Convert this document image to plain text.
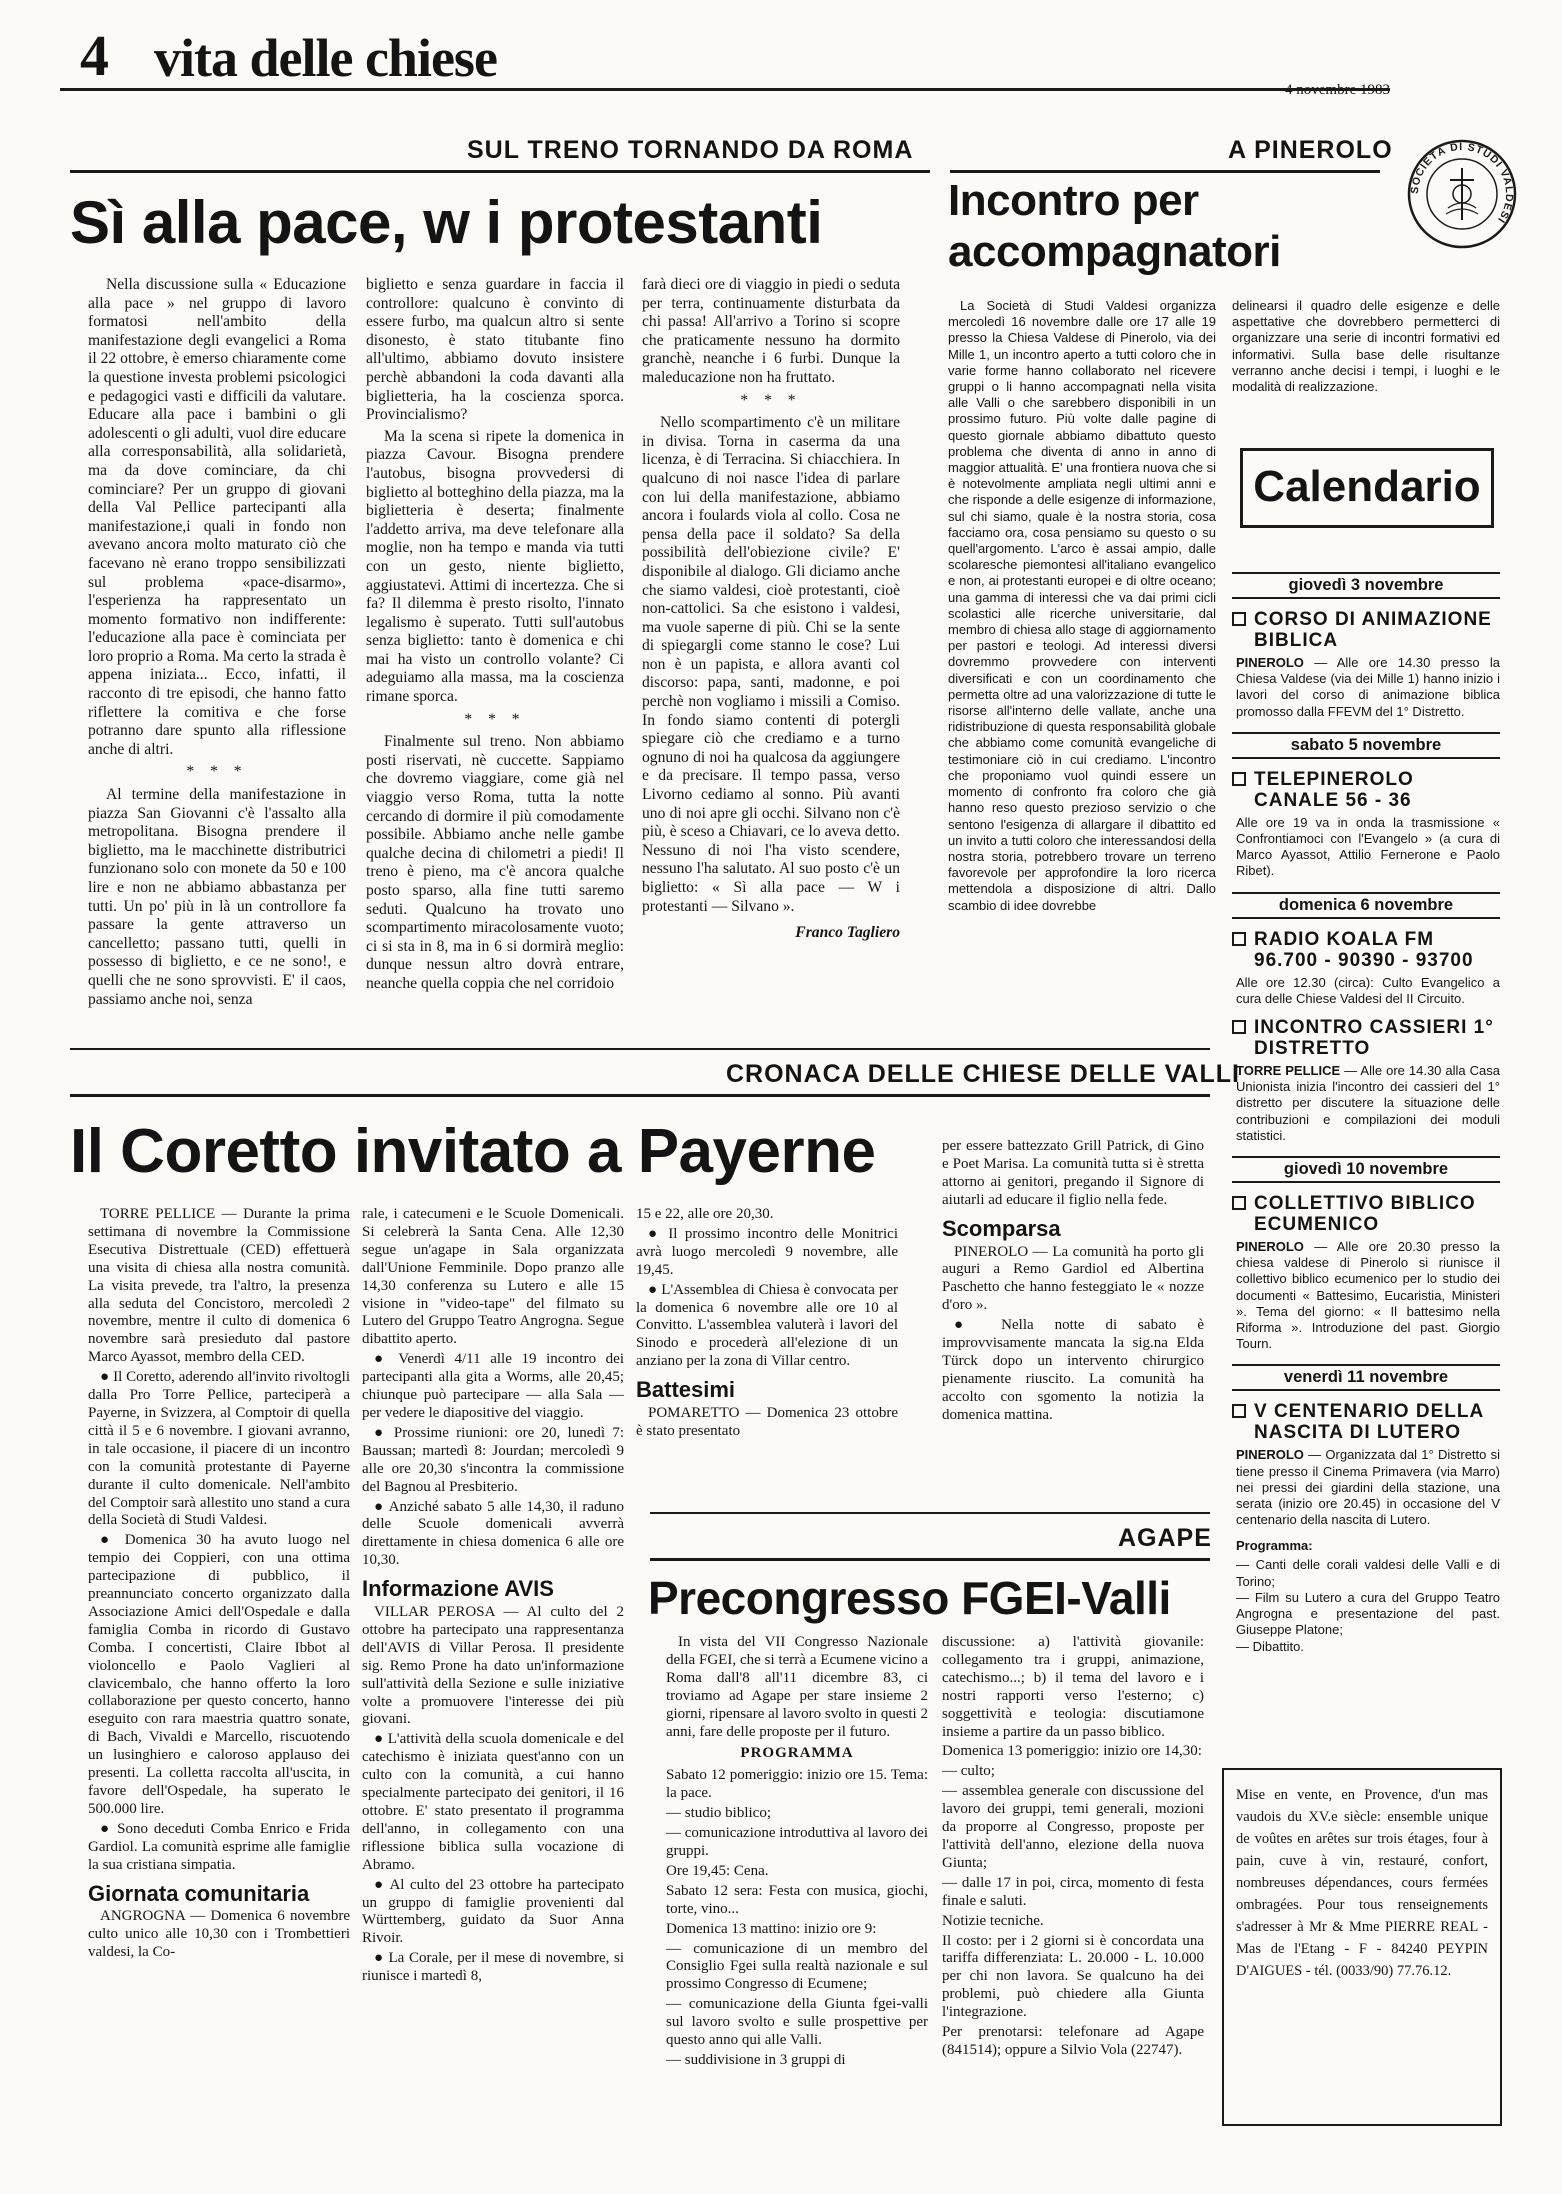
4 vita delle chiese
SUL TRENO TORNANDO DA ROMA
Sì alla pace, w i protestanti

Nella discussione sulla « Educazione alla pace » nel gruppo di lavoro formatosi nell'ambito della manifestazione degli evangelici a Roma il 22 ottobre, è emerso chiaramente come la questione investa problemi psicologici e pedagogici vasti e difficili da valutare. Educare alla pace i bambini o gli adolescenti o gli adulti, vuol dire educare alla corresponsabilità, alla solidarietà, ma da dove cominciare, da chi cominciare? Per un gruppo di giovani della Val Pellice partecipanti alla manifestazione,i quali in fondo non avevano ancora molto maturato ciò che facevano nè erano troppo sensibilizzati sul problema «pace-disarmo», l'esperienza ha rappresentato un momento formativo non indifferente: l'educazione alla pace è cominciata per loro proprio a Roma. Ma certo la strada è appena iniziata... Ecco, infatti, il racconto di tre episodi, che hanno fatto riflettere la comitiva e che forse potranno dare spunto alla riflessione anche di altri.

* * *

Al termine della manifestazione in piazza San Giovanni c'è l'assalto alla metropolitana. Bisogna prendere il biglietto, ma le macchinette distributrici funzionano solo con monete da 50 e 100 lire e non ne abbiamo abbastanza per tutti. Un po' più in là un controllore fa passare la gente attraverso un cancelletto; passano tutti, quelli in possesso di biglietto, e ce ne sono!, e quelli che ne sono sprovvisti. E' il caos, passiamo anche noi, senza

biglietto e senza guardare in faccia il controllore: qualcuno è convinto di essere furbo, ma qualcun altro si sente disonesto, è stato titubante fino all'ultimo, abbiamo dovuto insistere perchè abbandoni la coda davanti alla biglietteria, ha la coscienza sporca. Provincialismo?

Ma la scena si ripete la domenica in piazza Cavour. Bisogna prendere l'autobus, bisogna provvedersi di biglietto al botteghino della piazza, ma la biglietteria è deserta; finalmente l'addetto arriva, ma deve telefonare alla moglie, non ha tempo e manda via tutti con un gesto, niente biglietto, aggiustatevi. Attimi di incertezza. Che si fa? Il dilemma è presto risolto, l'innato legalismo è superato. Tutti sull'autobus senza biglietto: tanto è domenica e chi mai ha visto un controllo volante? Ci adeguiamo alla massa, ma la coscienza rimane sporca.

* * *

Finalmente sul treno. Non abbiamo posti riservati, nè cuccette. Sappiamo che dovremo viaggiare, come già nel viaggio verso Roma, tutta la notte cercando di dormire il più comodamente possibile. Abbiamo anche nelle gambe qualche decina di chilometri a piedi! Il treno è pieno, ma c'è ancora qualche posto sparso, alla fine tutti saremo seduti. Qualcuno ha trovato uno scompartimento miracolosamente vuoto; ci si sta in 8, ma in 6 si dormirà meglio: dunque nessun altro dovrà entrare, neanche quella coppia che nel corridoio

farà dieci ore di viaggio in piedi o seduta per terra, continuamente disturbata da chi passa! All'arrivo a Torino si scopre che praticamente nessuno ha dormito granchè, neanche i 6 furbi. Dunque la maleducazione non ha fruttato.

* * *

Nello scompartimento c'è un militare in divisa. Torna in caserma da una licenza, è di Terracina. Si chiacchiera. In qualcuno di noi nasce l'idea di parlare con lui della manifestazione, abbiamo ancora i foulards viola al collo. Cosa ne pensa della pace il soldato? Sa della possibilità dell'obiezione civile? E' disponibile al dialogo. Gli diciamo anche che siamo valdesi, cioè protestanti, cioè non-cattolici. Sa che esistono i valdesi, ma vuole saperne di più. Chi se la sente di spiegargli come stanno le cose? Lui non è un papista, e allora avanti col discorso: papa, santi, madonne, e poi perchè non vogliamo i missili a Comiso. In fondo siamo contenti di potergli spiegare ciò che crediamo e a turno ognuno di noi ha qualcosa da aggiungere e da precisare. Il tempo passa, verso Livorno cediamo al sonno. Più avanti uno di noi apre gli occhi. Silvano non c'è più, è sceso a Chiavari, ce lo aveva detto. Nessuno di noi l'ha visto scendere, nessuno l'ha salutato. Al suo posto c'è un biglietto: « Sì alla pace — W i protestanti — Silvano ».

Franco Tagliero

A PINEROLO
Incontro per
accompagnatori
SOCIETÀ DI STUDI VALDESI

La Società di Studi Valdesi organizza mercoledì 16 novembre dalle ore 17 alle 19 presso la Chiesa Valdese di Pinerolo, via dei Mille 1, un incontro aperto a tutti coloro che in varie forme hanno collaborato nel ricevere gruppi o li hanno accompagnati nella visita alle Valli o che sarebbero disponibili in un prossimo futuro. Più volte dalle pagine di questo giornale abbiamo dibattuto questo problema che diventa di anno in anno di maggior attualità. E' una frontiera nuova che si è notevolmente ampliata negli ultimi anni e che risponde a delle esigenze di informazione, sul chi siamo, quale è la nostra storia, cosa facciamo ora, cosa pensiamo su questo o su quell'argomento. L'arco è assai ampio, dalle scolaresche piemontesi all'italiano evangelico e non, ai protestanti europei e di oltre oceano; una gamma di interessi che va dai primi cicli scolastici alle ricerche universitarie, dal membro di chiesa allo stage di aggiornamento per pastori e teologi. Ad interessi diversi dovremmo provvedere con interventi diversificati e con un coordinamento che permetta oltre ad una valorizzazione di tutte le risorse all'interno delle vallate, anche una ridistribuzione di questa responsabilità globale che abbiamo come comunità evangeliche di testimoniare ciò in cui crediamo. L'incontro che proponiamo vuol quindi essere un momento di confronto fra coloro che già hanno reso questo prezioso servizio o che sentono l'esigenza di allargare il dibattito ed un invito a tutti coloro che interessandosi della nostra storia, potrebbero trovare un terreno favorevole per approfondire la loro ricerca mettendola a disposizione di altri. Dallo scambio di idee dovrebbe

delinearsi il quadro delle esigenze e delle aspettative che dovrebbero permetterci di organizzare una serie di incontri formativi ed informativi. Sulla base delle risultanze verranno anche decisi i tempi, i luoghi e le modalità di realizzazione.

Calendario
giovedì 3 novembre
CORSO DI ANIMAZIONE BIBLICA
PINEROLO — Alle ore 14.30 presso la Chiesa Valdese (via dei Mille 1) hanno inizio i lavori del corso di animazione biblica promosso dalla FFEVM del 1° Distretto.
sabato 5 novembre
TELEPINEROLO CANALE 56 - 36
Alle ore 19 va in onda la trasmissione « Confrontiamoci con l'Evangelo » (a cura di Marco Ayassot, Attilio Fernerone e Paolo Ribet).
domenica 6 novembre
RADIO KOALA FM 96.700 - 90390 - 93700
Alle ore 12.30 (circa): Culto Evangelico a cura delle Chiese Valdesi del II Circuito.
INCONTRO CASSIERI 1° DISTRETTO
TORRE PELLICE — Alle ore 14.30 alla Casa Unionista inizia l'incontro dei cassieri del 1° distretto per discutere la situazione delle contribuzioni e compilazioni dei moduli statistici.
giovedì 10 novembre
COLLETTIVO BIBLICO ECUMENICO
PINEROLO — Alle ore 20.30 presso la chiesa valdese di Pinerolo si riunisce il collettivo biblico ecumenico per lo studio dei documenti « Battesimo, Eucaristia, Ministeri ». Tema del giorno: « Il battesimo nella Riforma ». Introduzione del past. Giorgio Tourn.
venerdì 11 novembre
V CENTENARIO DELLA NASCITA DI LUTERO
PINEROLO — Organizzata dal 1° Distretto si tiene presso il Cinema Primavera (via Marro) nei pressi dei giardini della stazione, una serata (inizio ore 20.45) in occasione del V centenario della nascita di Lutero.
Programma:
— Canti delle corali valdesi delle Valli e di Torino;
— Film su Lutero a cura del Gruppo Teatro Angrogna e presentazione del past. Giuseppe Platone;
— Dibattito.
Mise en vente, en Provence, d'un mas vaudois du XV.e siècle: ensemble unique de voûtes en arêtes sur trois étages, four à pain, cuve à vin, restauré, confort, nombreuses dépendances, cours fermées ombragées. Pour tous renseignements s'adresser à Mr & Mme PIERRE REAL - Mas de l'Etang - F - 84240 PEYPIN D'AIGUES - tél. (0033/90) 77.76.12.
CRONACA DELLE CHIESE DELLE VALLI
Il Coretto invitato a Payerne

TORRE PELLICE — Durante la prima settimana di novembre la Commissione Esecutiva Distrettuale (CED) effettuerà una visita di chiesa alla nostra comunità. La visita prevede, tra l'altro, la presenza alla seduta del Concistoro, mercoledì 2 novembre, mentre il culto di domenica 6 novembre sarà presieduto dal pastore Marco Ayassot, membro della CED.

● Il Coretto, aderendo all'invito rivoltogli dalla Pro Torre Pellice, parteciperà a Payerne, in Svizzera, al Comptoir di quella città il 5 e 6 novembre. I giovani avranno, in tale occasione, il piacere di un incontro con la comunità protestante di Payerne durante il culto domenicale. Nell'ambito del Comptoir sarà allestito uno stand a cura della Società di Studi Valdesi.

● Domenica 30 ha avuto luogo nel tempio dei Coppieri, con una ottima partecipazione di pubblico, il preannunciato concerto organizzato dalla Associazione Amici dell'Ospedale e dalla famiglia Comba in ricordo di Gustavo Comba. I concertisti, Claire Ibbot al violoncello e Paolo Vaglieri al clavicembalo, che hanno offerto la loro collaborazione per questo concerto, hanno eseguito con rara maestria quattro sonate, di Bach, Vivaldi e Marcello, riscuotendo un lusinghiero e caloroso applauso dei presenti. La colletta raccolta all'uscita, in favore dell'Ospedale, ha superato le 500.000 lire.

● Sono deceduti Comba Enrico e Frida Gardiol. La comunità esprime alle famiglie la sua cristiana simpatia.

Giornata comunitaria

ANGROGNA — Domenica 6 novembre culto unico alle 10,30 con i Trombettieri valdesi, la Co-

rale, i catecumeni e le Scuole Domenicali. Si celebrerà la Santa Cena. Alle 12,30 segue un'agape in Sala organizzata dall'Unione Femminile. Dopo pranzo alle 14,30 conferenza su Lutero e alle 15 visione in "video-tape" del filmato su Lutero del Gruppo Teatro Angrogna. Segue dibattito aperto.

● Venerdì 4/11 alle 19 incontro dei partecipanti alla gita a Worms, alle 20,45; chiunque può partecipare — alla Sala — per vedere le diapositive del viaggio.

● Prossime riunioni: ore 20, lunedì 7: Baussan; martedì 8: Jourdan; mercoledì 9 alle ore 20,30 s'incontra la commissione del Bagnou al Presbiterio.

● Anziché sabato 5 alle 14,30, il raduno delle Scuole domenicali avverrà direttamente in chiesa domenica 6 alle ore 10,30.

Informazione AVIS

VILLAR PEROSA — Al culto del 2 ottobre ha partecipato una rappresentanza dell'AVIS di Villar Perosa. Il presidente sig. Remo Prone ha dato un'informazione sull'attività della Sezione e sulle iniziative volte a promuovere l'interesse dei più giovani.

● L'attività della scuola domenicale e del catechismo è iniziata quest'anno con un culto con la comunità, a cui hanno specialmente partecipato dei genitori, il 16 ottobre. E' stato presentato il programma dell'anno, in collegamento con una riflessione biblica sulla vocazione di Abramo.

● Al culto del 23 ottobre ha partecipato un gruppo di famiglie provenienti dal Württemberg, guidato da Suor Anna Rivoir.

● La Corale, per il mese di novembre, si riunisce i martedì 8,

15 e 22, alle ore 20,30.

● Il prossimo incontro delle Monitrici avrà luogo mercoledì 9 novembre, alle 19,45.

● L'Assemblea di Chiesa è convocata per la domenica 6 novembre alle ore 10 al Convitto. L'assemblea valuterà i lavori del Sinodo e procederà all'elezione di un anziano per la zona di Villar centro.

Battesimi

POMARETTO — Domenica 23 ottobre è stato presentato

per essere battezzato Grill Patrick, di Gino e Poet Marisa. La comunità tutta si è stretta attorno ai genitori, pregando il Signore di aiutarli ad educare il figlio nella fede.

Scomparsa

PINEROLO — La comunità ha porto gli auguri a Remo Gardiol ed Albertina Paschetto che hanno festeggiato le « nozze d'oro ».

● Nella notte di sabato è improvvisamente mancata la sig.na Elda Türck dopo un intervento chirurgico pienamente riuscito. La comunità ha accolto con sgomento la notizia la domenica mattina.

AGAPE
Precongresso FGEI-Valli

In vista del VII Congresso Nazionale della FGEI, che si terrà a Ecumene vicino a Roma dall'8 all'11 dicembre 83, ci troviamo ad Agape per stare insieme 2 giorni, ripensare al lavoro svolto in questi 2 anni, fare delle proposte per il futuro.

PROGRAMMA

Sabato 12 pomeriggio: inizio ore 15. Tema: la pace.

— studio biblico;

— comunicazione introduttiva al lavoro dei gruppi.

Ore 19,45: Cena.

Sabato 12 sera: Festa con musica, giochi, torte, vino...

Domenica 13 mattino: inizio ore 9:

— comunicazione di un membro del Consiglio Fgei sulla realtà nazionale e sul prossimo Congresso di Ecumene;

— comunicazione della Giunta fgei-valli sul lavoro svolto e sulle prospettive per questo anno qui alle Valli.

— suddivisione in 3 gruppi di

discussione: a) l'attività giovanile: collegamento tra i gruppi, animazione, catechismo...; b) il tema del lavoro e i nostri rapporti verso l'esterno; c) soggettività e teologia: discutiamone insieme a partire da un passo biblico.

Domenica 13 pomeriggio: inizio ore 14,30:

— culto;

— assemblea generale con discussione del lavoro dei gruppi, temi generali, mozioni da proporre al Congresso, proposte per l'attività dell'anno, elezione della nuova Giunta;

— dalle 17 in poi, circa, momento di festa finale e saluti.

Notizie tecniche.

Il costo: per i 2 giorni si è concordata una tariffa differenziata: L. 20.000 - L. 10.000 per chi non lavora. Se qualcuno ha dei problemi, può chiedere alla Giunta l'integrazione.

Per prenotarsi: telefonare ad Agape (841514); oppure a Silvio Vola (22747).
